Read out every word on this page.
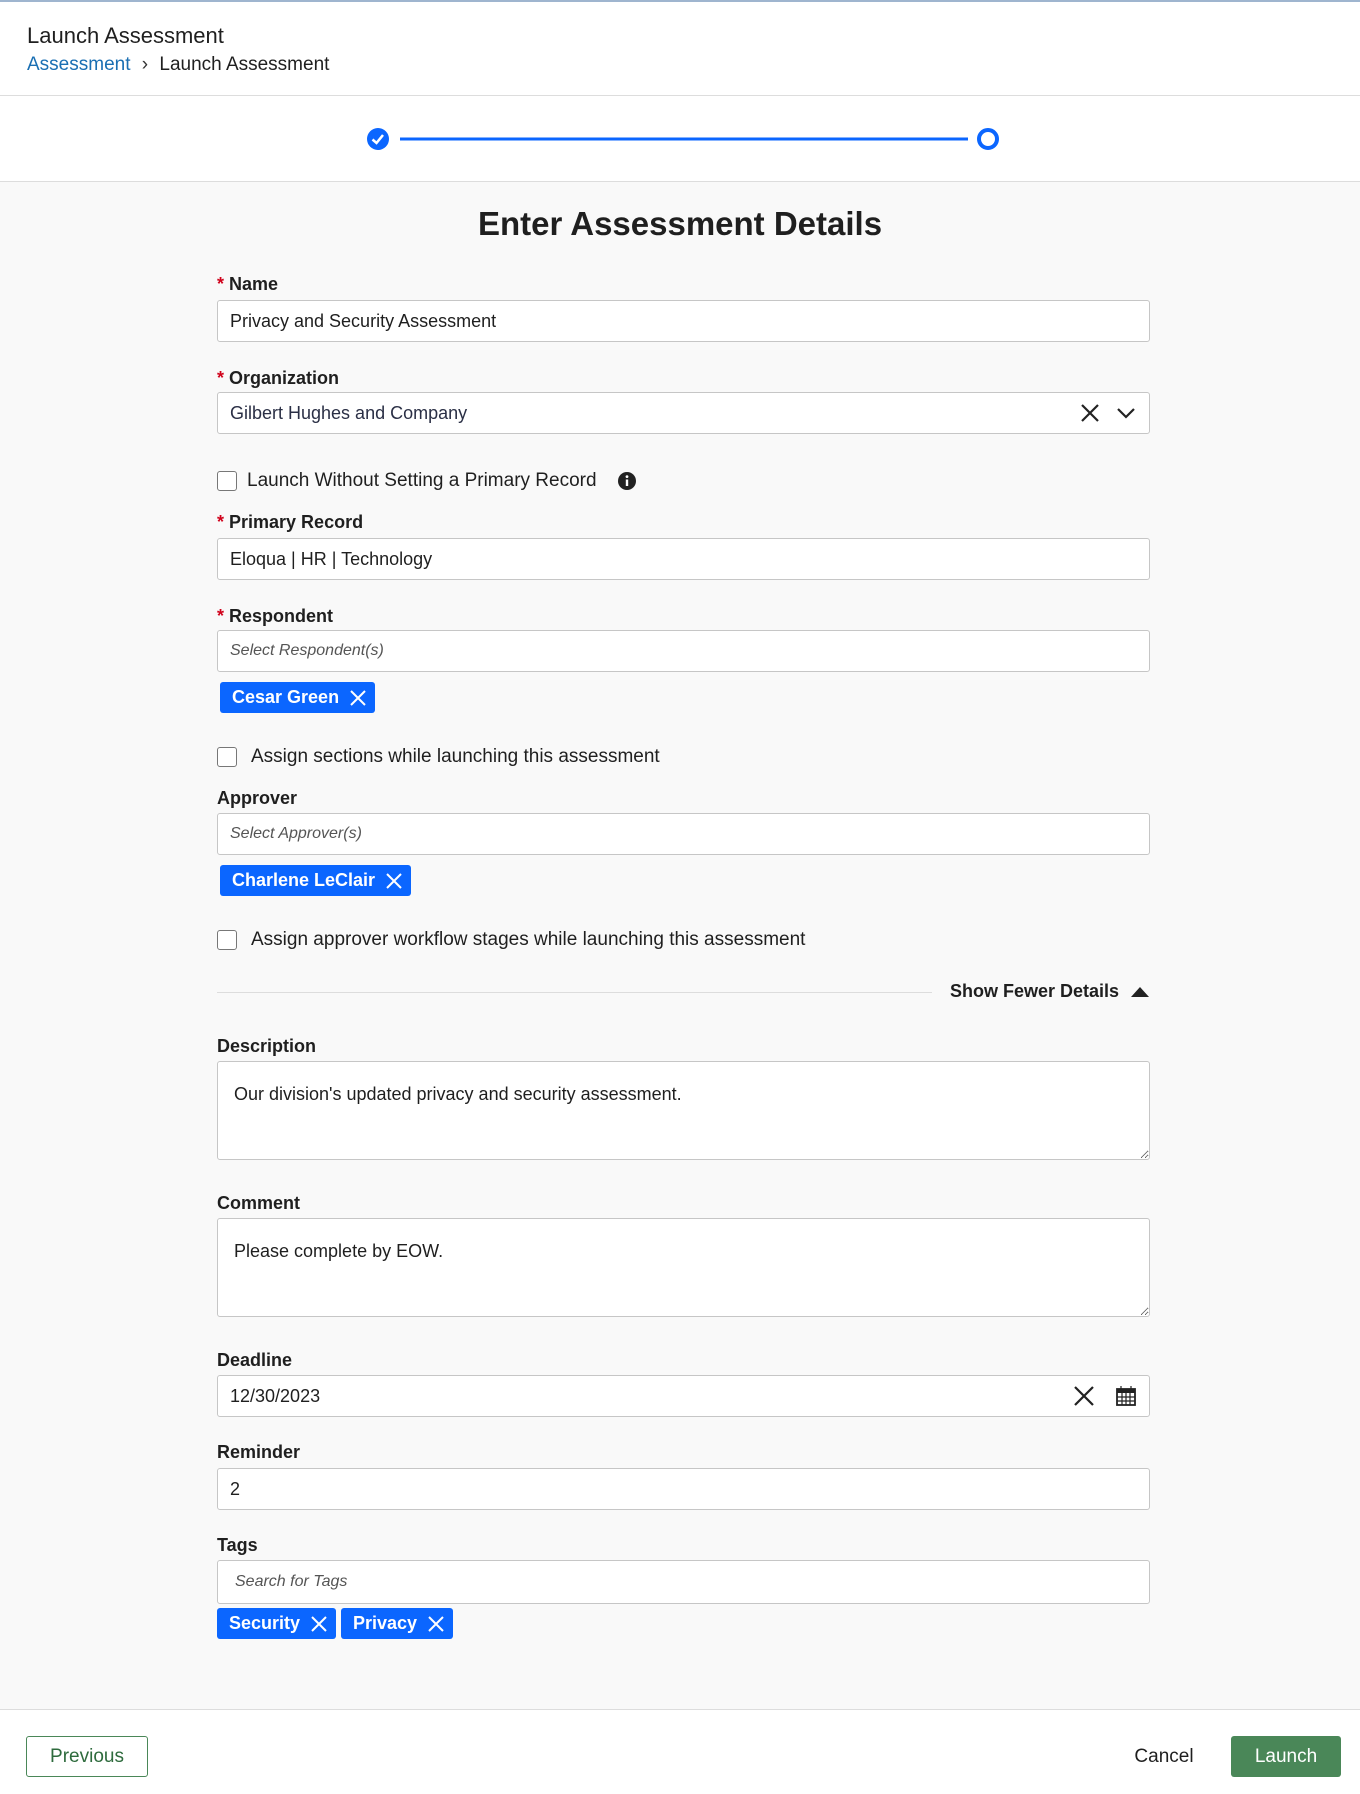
Launch Assessment
Assessment › Launch Assessment
Enter Assessment Details
* Name
Privacy and Security Assessment
* Organization
Gilbert Hughes and Company
Launch Without Setting a Primary Record
* Primary Record
Eloqua | HR | Technology
* Respondent
Select Respondent(s)
Cesar Green
Assign sections while launching this assessment
Approver
Select Approver(s)
Charlene LeClair
Assign approver workflow stages while launching this assessment
Show Fewer Details
Description
Our division's updated privacy and security assessment.
Comment
Please complete by EOW.
Deadline
12/30/2023
Reminder
2
Tags
Search for Tags
Security	Privacy
Previous	Cancel	Launch
